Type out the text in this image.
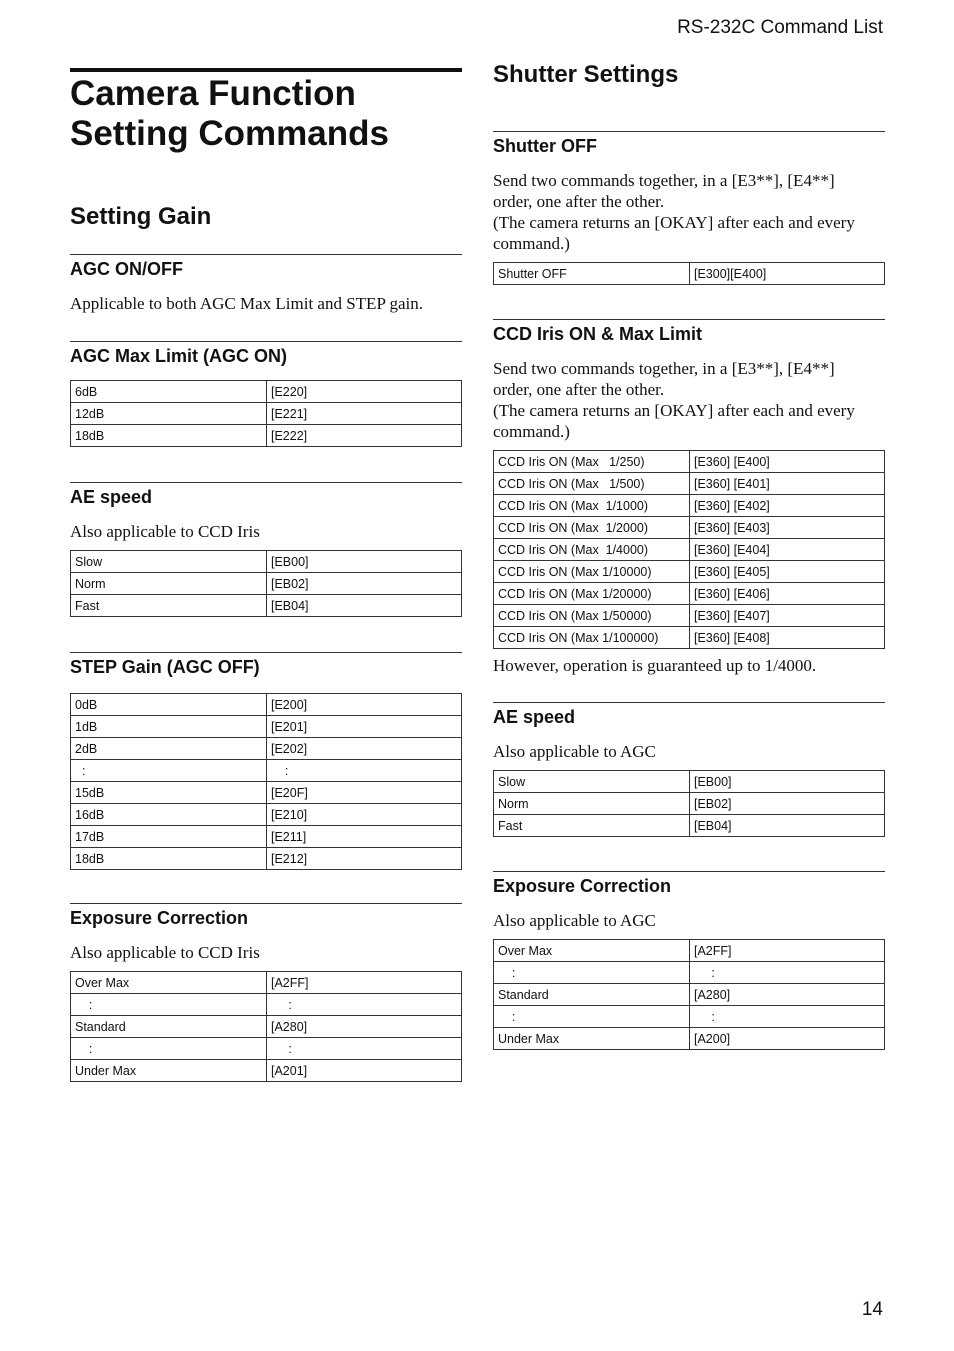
RS-232C Command List
Camera Function
Setting Commands
Setting Gain
AGC ON/OFF

Applicable to both AGC Max Limit and STEP gain.

AGC Max Limit (AGC ON)
6dB	[E220]
12dB	[E221]
18dB	[E222]
AE speed

Also applicable to CCD Iris

Slow	[EB00]
Norm	[EB02]
Fast	[EB04]
STEP Gain (AGC OFF)
0dB	[E200]
1dB	[E201]
2dB	[E202]
:	:
15dB	[E20F]
16dB	[E210]
17dB	[E211]
18dB	[E212]
Exposure Correction

Also applicable to CCD Iris

Over Max	[A2FF]
:	:
Standard	[A280]
:	:
Under Max	[A201]
Shutter Settings
Shutter OFF

Send two commands together, in a [E3**], [E4**]
order, one after the other.
(The camera returns an [OKAY] after each and every
command.)

Shutter OFF	[E300][E400]
CCD Iris ON & Max Limit

Send two commands together, in a [E3**], [E4**]
order, one after the other.
(The camera returns an [OKAY] after each and every
command.)

CCD Iris ON (Max   1/250)	[E360] [E400]
CCD Iris ON (Max   1/500)	[E360] [E401]
CCD Iris ON (Max  1/1000)	[E360] [E402]
CCD Iris ON (Max  1/2000)	[E360] [E403]
CCD Iris ON (Max  1/4000)	[E360] [E404]
CCD Iris ON (Max 1/10000)	[E360] [E405]
CCD Iris ON (Max 1/20000)	[E360] [E406]
CCD Iris ON (Max 1/50000)	[E360] [E407]
CCD Iris ON (Max 1/100000)	[E360] [E408]

However, operation is guaranteed up to 1/4000.

AE speed

Also applicable to AGC

Slow	[EB00]
Norm	[EB02]
Fast	[EB04]
Exposure Correction

Also applicable to AGC

Over Max	[A2FF]
:	:
Standard	[A280]
:	:
Under Max	[A200]
14
